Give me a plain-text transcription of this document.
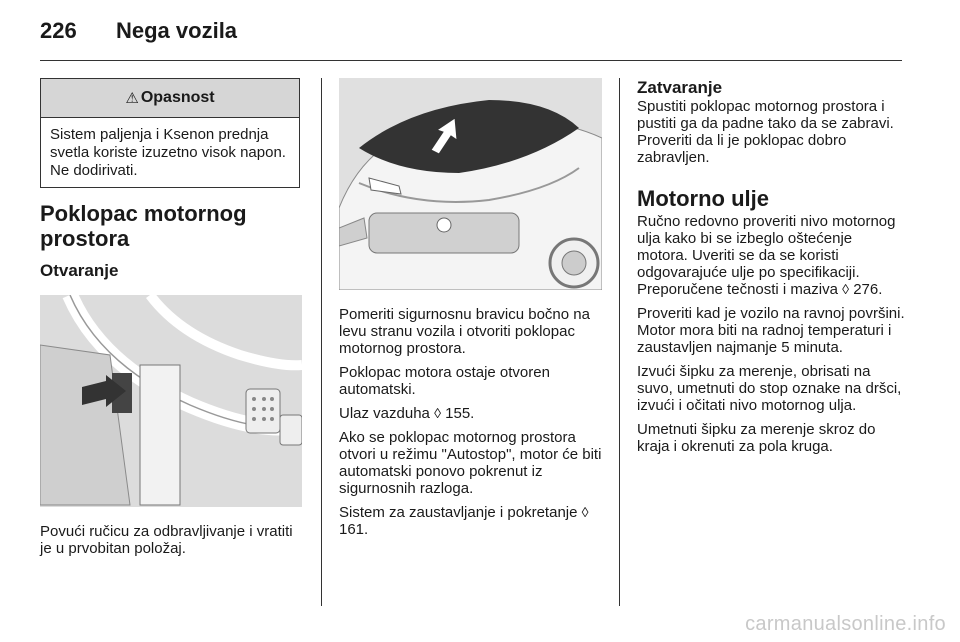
226 Nega vozila
⚠ Opasnost
Sistem paljenja i Ksenon prednja svetla koriste izuzetno visok napon. Ne dodirivati.
Poklopac motornog prostora
Otvaranje

Povući ručicu za odbravljivanje i vratiti je u prvobitan položaj.

Pomeriti sigurnosnu bravicu bočno na levu stranu vozila i otvoriti poklopac motornog prostora.

Poklopac motora ostaje otvoren automatski.

Ulaz vazduha ◊ 155.

Ako se poklopac motornog prostora otvori u režimu "Autostop", motor će biti automatski ponovo pokrenut iz sigurnosnih razloga.

Sistem za zaustavljanje i pokretanje ◊ 161.

Zatvaranje

Spustiti poklopac motornog prostora i pustiti ga da padne tako da se zabravi. Proveriti da li je poklopac dobro zabravljen.

Motorno ulje

Ručno redovno proveriti nivo motornog ulja kako bi se izbeglo oštećenje motora. Uveriti se da se koristi odgovarajuće ulje po specifikaciji. Preporučene tečnosti i maziva ◊ 276.

Proveriti kad je vozilo na ravnoj površini. Motor mora biti na radnoj temperaturi i zaustavljen najmanje 5 minuta.

Izvući šipku za merenje, obrisati na suvo, umetnuti do stop oznake na dršci, izvući i očitati nivo motornog ulja.

Umetnuti šipku za merenje skroz do kraja i okrenuti za pola kruga.

carmanualsonline.info
